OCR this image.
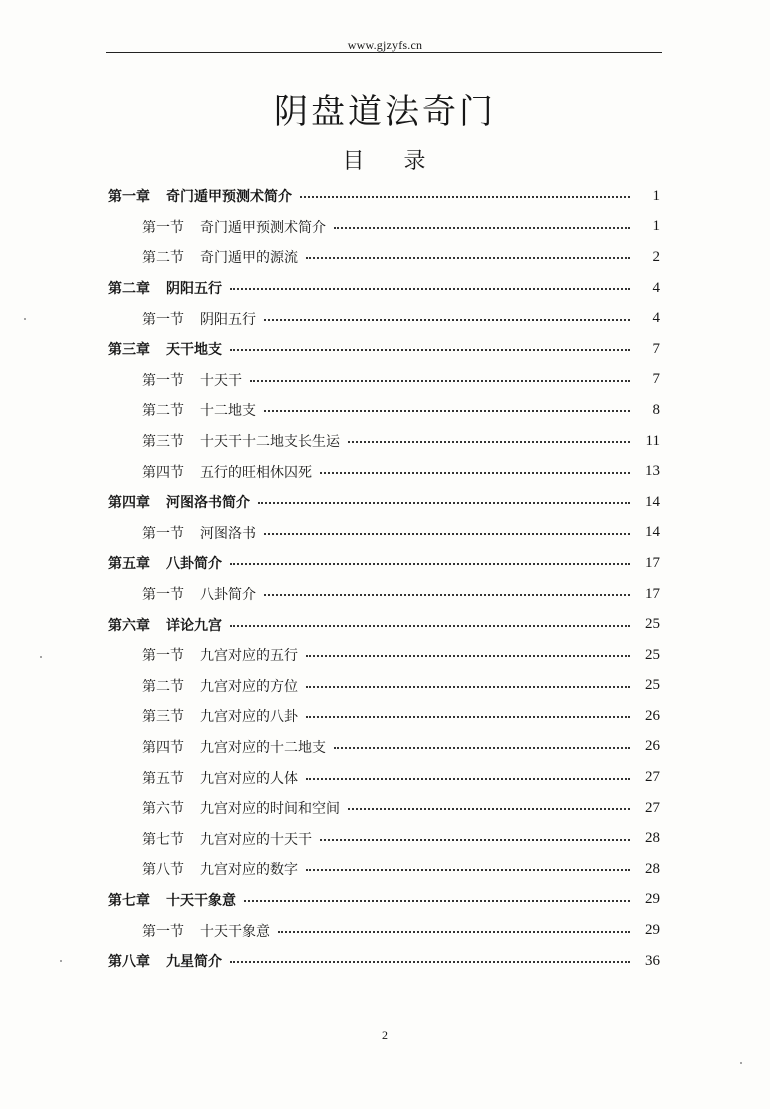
www.gjzyfs.cn
阴盘道法奇门
目 录
第一章 奇门遁甲预测术简介	1
第一节 奇门遁甲预测术简介	1
第二节 奇门遁甲的源流	2
第二章 阴阳五行	4
第一节 阴阳五行	4
第三章 天干地支	7
第一节 十天干	7
第二节 十二地支	8
第三节 十天干十二地支长生运	11
第四节 五行的旺相休囚死	13
第四章 河图洛书简介	14
第一节 河图洛书	14
第五章 八卦简介	17
第一节 八卦简介	17
第六章 详论九宫	25
第一节 九宫对应的五行	25
第二节 九宫对应的方位	25
第三节 九宫对应的八卦	26
第四节 九宫对应的十二地支	26
第五节 九宫对应的人体	27
第六节 九宫对应的时间和空间	27
第七节 九宫对应的十天干	28
第八节 九宫对应的数字	28
第七章 十天干象意	29
第一节 十天干象意	29
第八章 九星简介	36
2
